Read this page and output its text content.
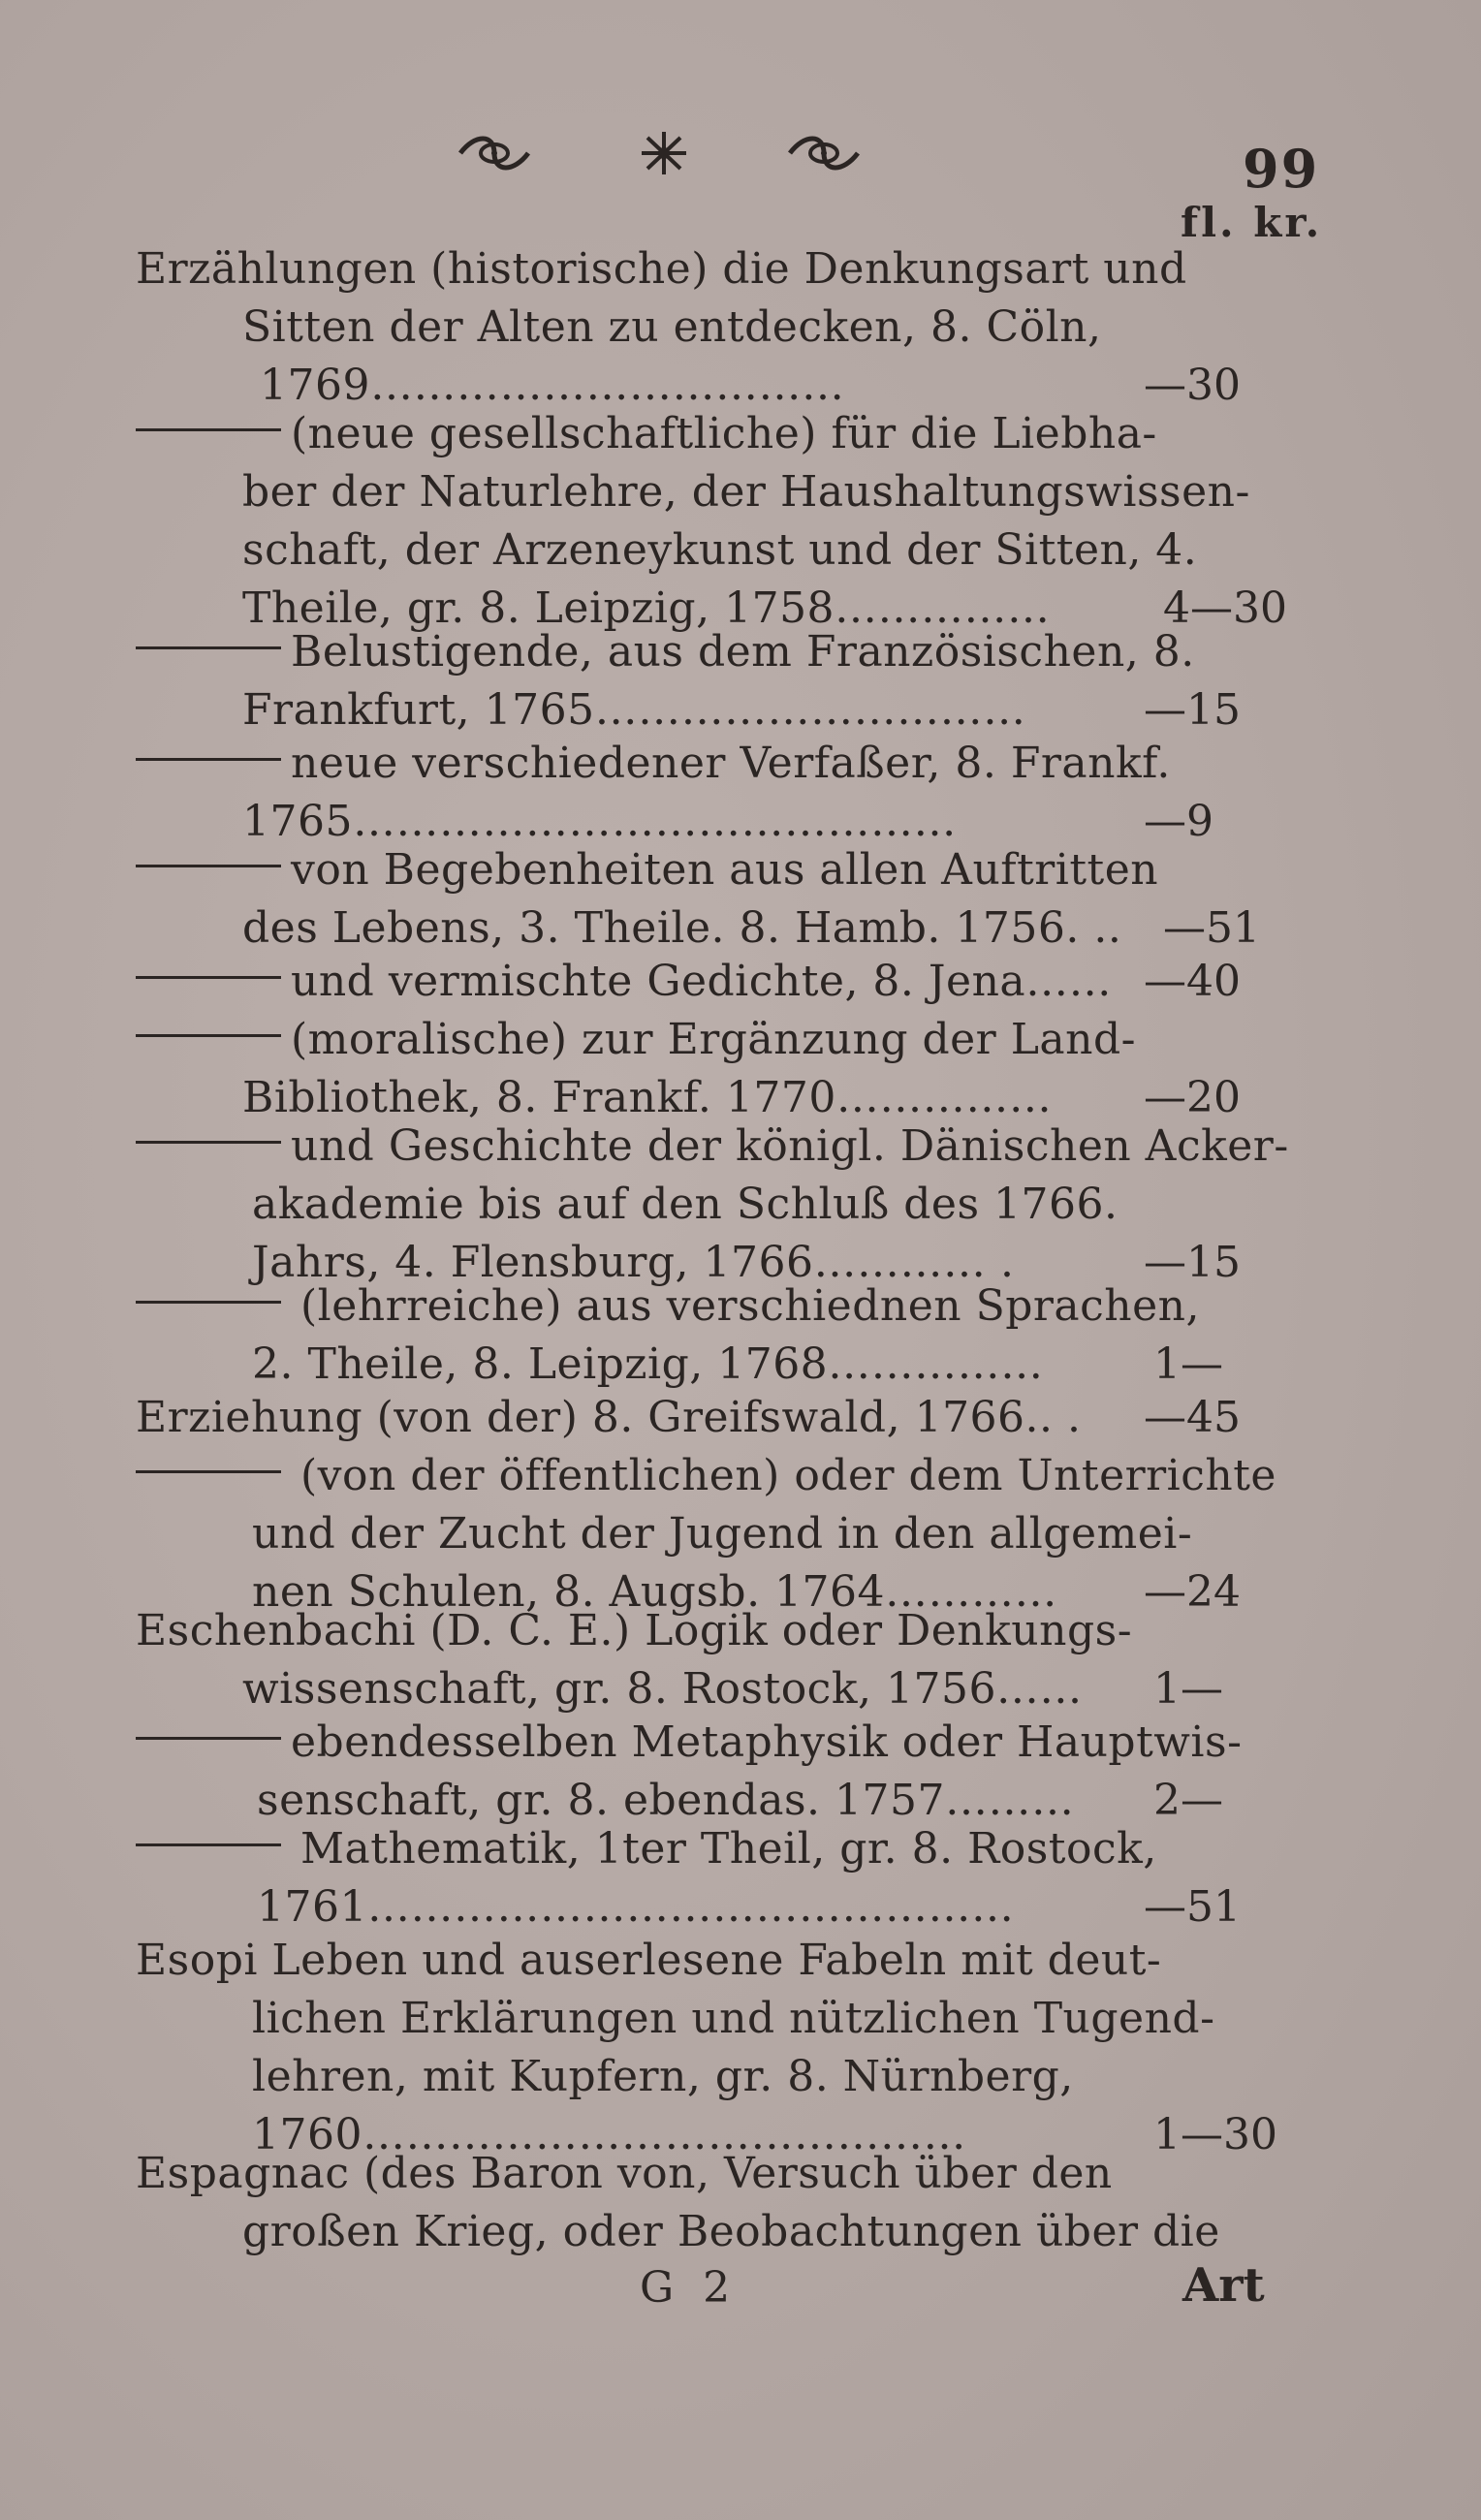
99
fl. kr.
Erzählungen (historische) die Denkungsart und
Sitten der Alten zu entdecken, 8. Cöln,
1769……………………………	—30
(neue gesellschaftliche) für die Liebha-
ber der Naturlehre, der Haushaltungswissen-
schaft, der Arzeneykunst und der Sitten, 4.
Theile, gr. 8. Leipzig, 1758……………	4—30
Belustigende, aus dem Französischen, 8.
Frankfurt, 1765…………………………	—15
neue verschiedener Verfaßer, 8. Frankf.
1765……………………………………	—9
von Begebenheiten aus allen Auftritten
des Lebens, 3. Theile. 8. Hamb. 1756. .. —51
und vermischte Gedichte, 8. Jena…… —40
(moralische) zur Ergänzung der Land-
Bibliothek, 8. Frankf. 1770…………… —20
und Geschichte der königl. Dänischen Acker-
akademie bis auf den Schluß des 1766.
Jahrs, 4. Flensburg, 1766………… .	—15
(lehrreiche) aus verschiednen Sprachen,
2. Theile, 8. Leipzig, 1768……………	1—
Erziehung (von der) 8. Greifswald, 1766.. . —45
(von der öffentlichen) oder dem Unterrichte
und der Zucht der Jugend in den allgemei-
nen Schulen, 8. Augsb. 1764………… —24
Eschenbachi (D. C. E.) Logik oder Denkungs-
wissenschaft, gr. 8. Rostock, 1756…… 1—
ebendesselben Metaphysik oder Hauptwis-
senschaft, gr. 8. ebendas. 1757……… 2—
Mathematik, 1ter Theil, gr. 8. Rostock,
1761………………………………………	—51
Esopi Leben und auserlesene Fabeln mit deut-
lichen Erklärungen und nützlichen Tugend-
lehren, mit Kupfern, gr. 8. Nürnberg,
1760……………………………………	1—30
Espagnac (des Baron von, Versuch über den
großen Krieg, oder Beobachtungen über die
G 2	Art
